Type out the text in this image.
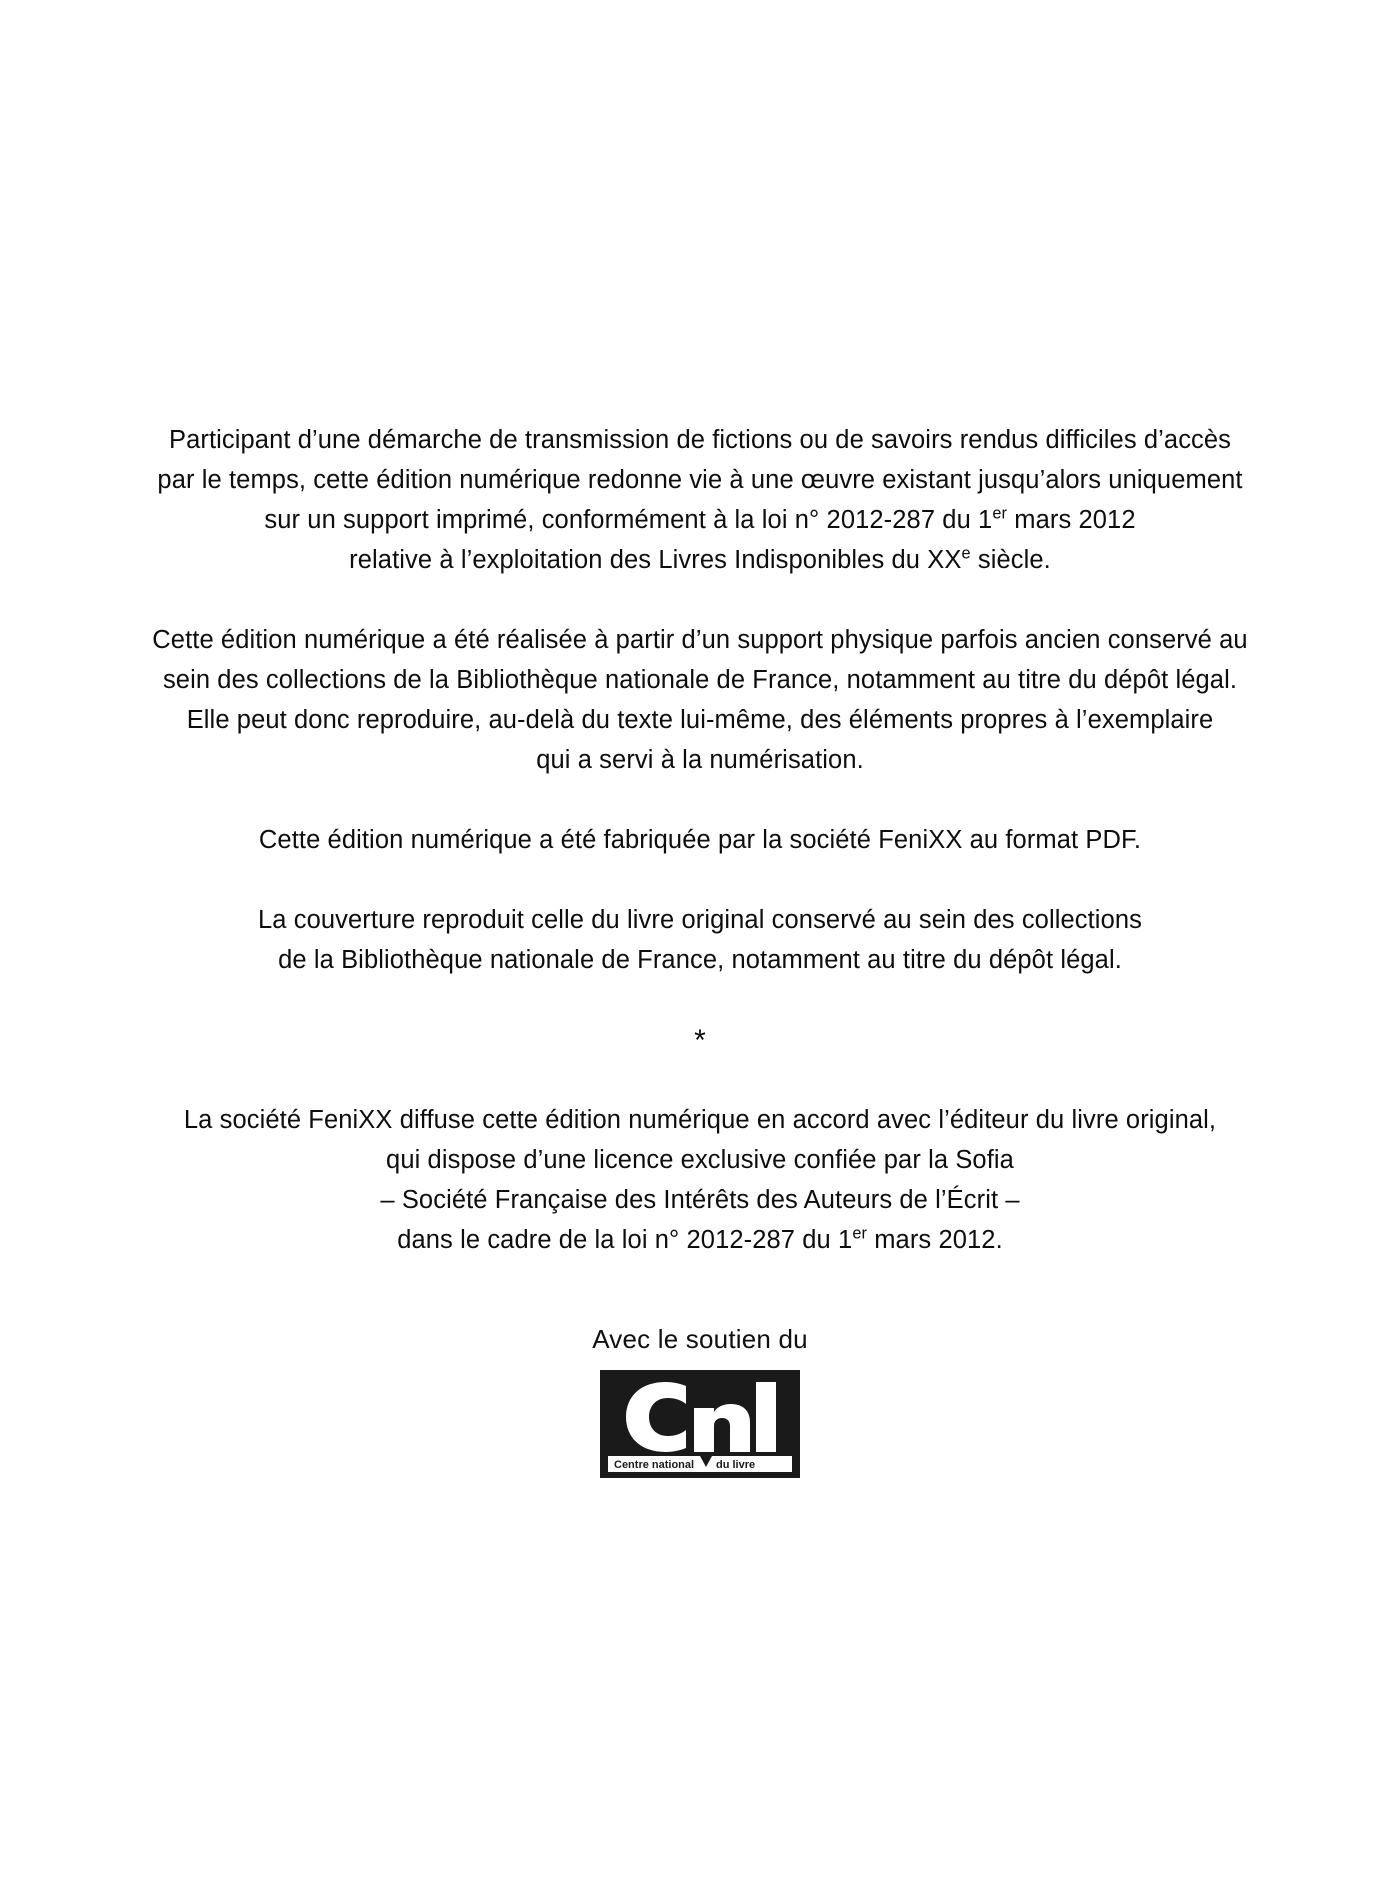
Participant d’une démarche de transmission de fictions ou de savoirs rendus difficiles d’accès
par le temps, cette édition numérique redonne vie à une œuvre existant jusqu’alors uniquement
sur un support imprimé, conformément à la loi n° 2012-287 du 1er mars 2012
relative à l’exploitation des Livres Indisponibles du XXe siècle.

Cette édition numérique a été réalisée à partir d’un support physique parfois ancien conservé au
sein des collections de la Bibliothèque nationale de France, notamment au titre du dépôt légal.
Elle peut donc reproduire, au-delà du texte lui-même, des éléments propres à l’exemplaire
qui a servi à la numérisation.

Cette édition numérique a été fabriquée par la société FeniXX au format PDF.

La couverture reproduit celle du livre original conservé au sein des collections
de la Bibliothèque nationale de France, notamment au titre du dépôt légal.

*

La société FeniXX diffuse cette édition numérique en accord avec l’éditeur du livre original,
qui dispose d’une licence exclusive confiée par la Sofia
– Société Française des Intérêts des Auteurs de l’Écrit –
dans le cadre de la loi n° 2012-287 du 1er mars 2012.

Avec le soutien du
Centre national du livre
